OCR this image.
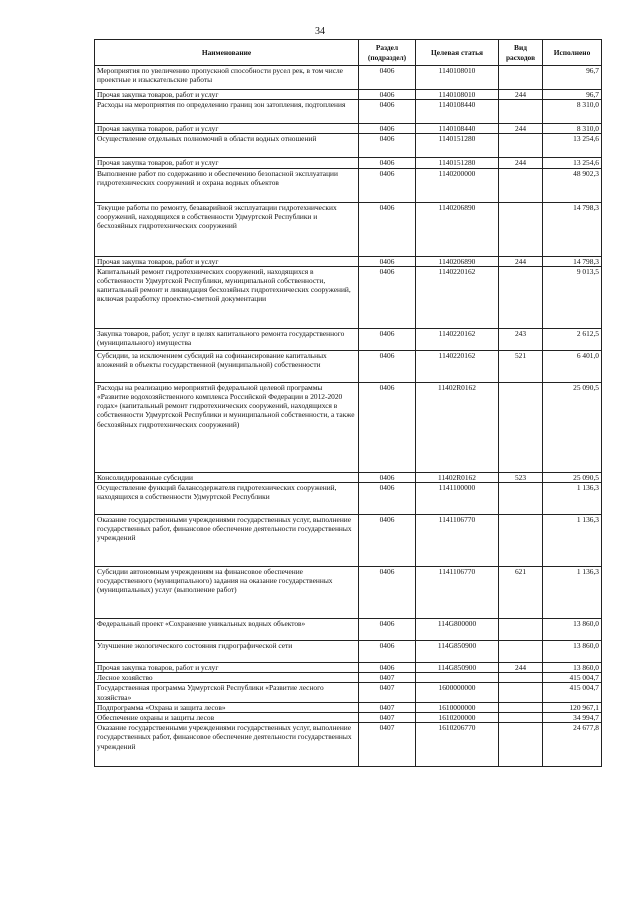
34
Наименование	Раздел (подраздел)	Целевая статья	Вид расходов	Исполнено
Мероприятия по увеличению пропускной способности русел рек, в том числе проектные и изыскательские работы	0406	1140108010		96,7
Прочая закупка товаров, работ и услуг	0406	1140108010	244	96,7
Расходы на мероприятия по определению границ зон затопления, подтопления	0406	1140108440		8 310,0
Прочая закупка товаров, работ и услуг	0406	1140108440	244	8 310,0
Осуществление отдельных полномочий в области водных отношений	0406	1140151280		13 254,6
Прочая закупка товаров, работ и услуг	0406	1140151280	244	13 254,6
Выполнение работ по содержанию и обеспечению безопасной эксплуатации гидротехнических сооружений и охрана водных объектов	0406	1140200000		48 902,3
Текущие работы по ремонту, безаварийной эксплуатации гидротехнических сооружений, находящихся в собственности Удмуртской Республики и бесхозяйных гидротехнических сооружений	0406	1140206890		14 798,3
Прочая закупка товаров, работ и услуг	0406	1140206890	244	14 798,3
Капитальный ремонт гидротехнических сооружений, находящихся в собственности Удмуртской Республики, муниципальной собственности, капитальный ремонт и ликвидация бесхозяйных гидротехнических сооружений, включая разработку проектно-сметной документации	0406	1140220162		9 013,5
Закупка товаров, работ, услуг в целях капитального ремонта государственного (муниципального) имущества	0406	1140220162	243	2 612,5
Субсидии, за исключением субсидий на софинансирование капитальных вложений в объекты государственной (муниципальной) собственности	0406	1140220162	521	6 401,0
Расходы на реализацию мероприятий федеральной целевой программы «Развитие водохозяйственного комплекса Российской Федерации в 2012-2020 годах» (капитальный ремонт гидротехнических сооружений, находящихся в собственности Удмуртской Республики и муниципальной собственности, а также бесхозяйных гидротехнических сооружений)	0406	11402R0162		25 090,5
Консолидированные субсидии	0406	11402R0162	523	25 090,5
Осуществление функций балансодержателя гидротехнических сооружений, находящихся в собственности Удмуртской Республики	0406	1141100000		1 136,3
Оказание государственными учреждениями государственных услуг, выполнение государственных работ, финансовое обеспечение деятельности государственных учреждений	0406	1141106770		1 136,3
Субсидии автономным учреждениям на финансовое обеспечение государственного (муниципального) задания на оказание государственных (муниципальных) услуг (выполнение работ)	0406	1141106770	621	1 136,3
Федеральный проект «Сохранение уникальных водных объектов»	0406	114G800000		13 860,0
Улучшение экологического состояния гидрографической сети	0406	114G850900		13 860,0
Прочая закупка товаров, работ и услуг	0406	114G850900	244	13 860,0
Лесное хозяйство	0407			415 004,7
Государственная программа Удмуртской Республики «Развитие лесного хозяйства»	0407	1600000000		415 004,7
Подпрограмма «Охрана и защита лесов»	0407	1610000000		120 967,1
Обеспечение охраны и защиты лесов	0407	1610200000		34 994,7
Оказание государственными учреждениями государственных услуг, выполнение государственных работ, финансовое обеспечение деятельности государственных учреждений	0407	1610206770		24 677,8
